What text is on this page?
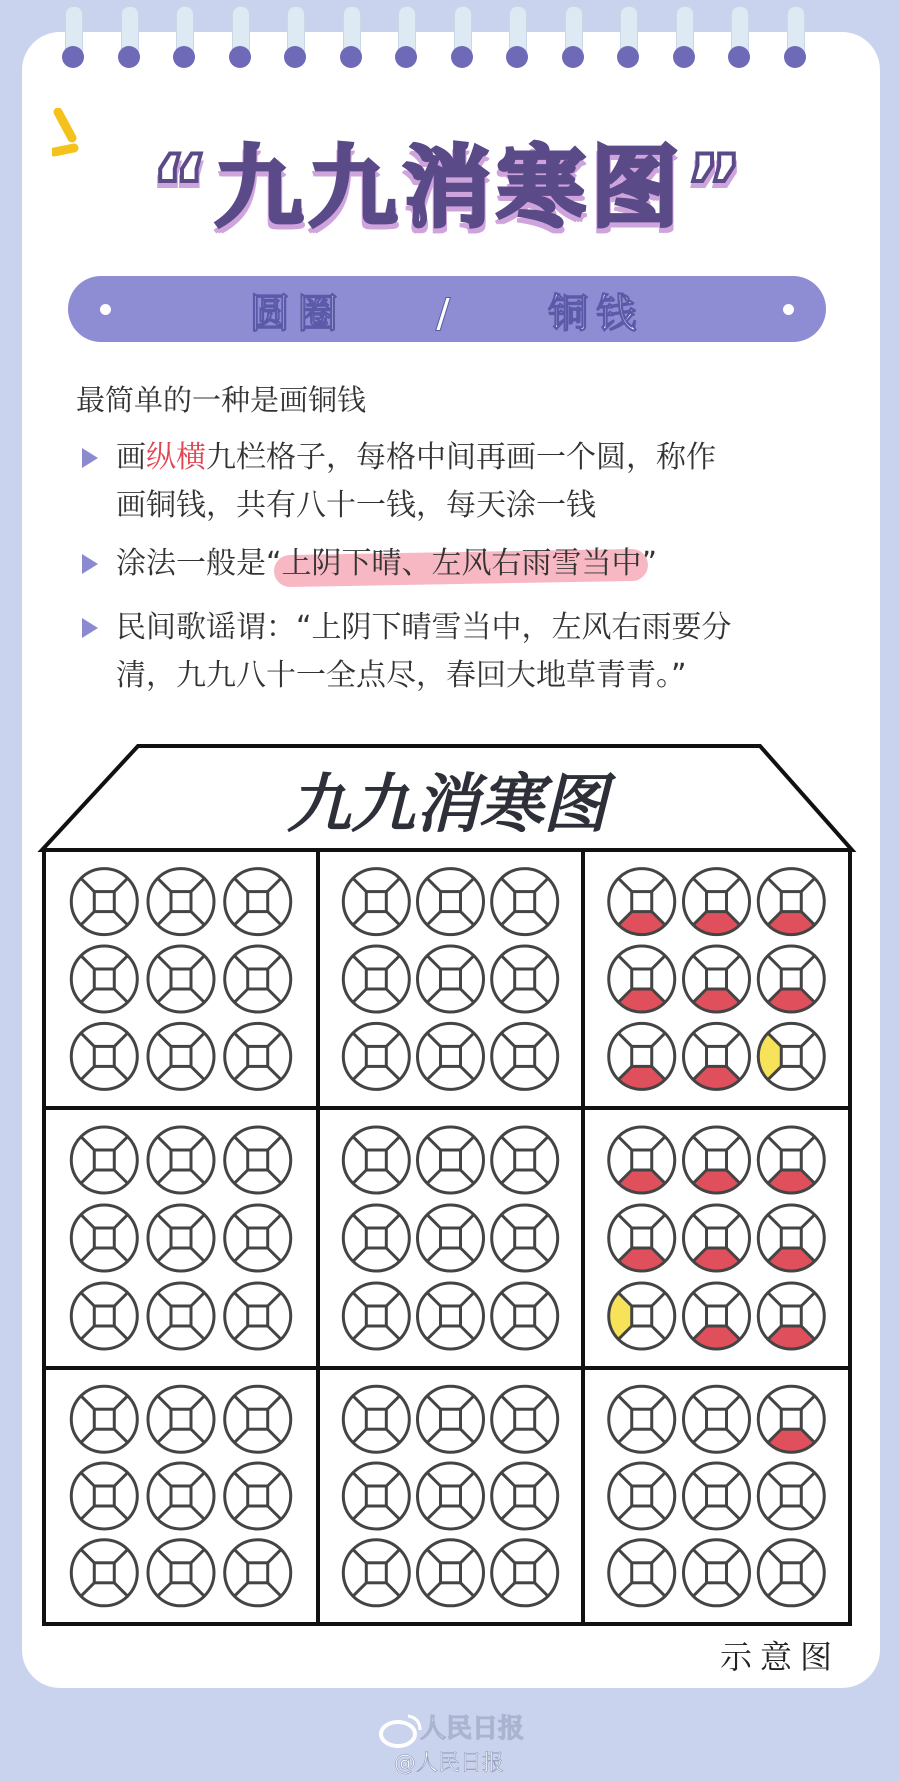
“九九消寒图”
圆圈 / 铜钱
最简单的一种是画铜钱
画纵横九栏格子，每格中间再画一个圆，称作
画铜钱，共有八十一钱，每天涂一钱
涂法一般是“上阴下晴、左风右雨雪当中”
民间歌谣谓：“上阴下晴雪当中，左风右雨要分
清，九九八十一全点尽，春回大地草青青。”
九九消寒图
示意图
人民日报
@人民日报
